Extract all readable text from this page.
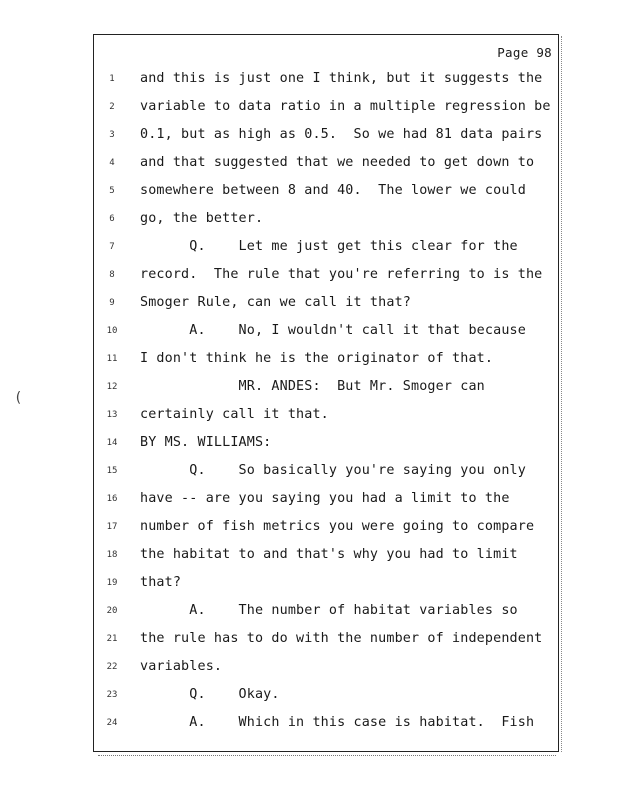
Page 98
1	and this is just one I think, but it suggests the
2	variable to data ratio in a multiple regression be
3	0.1, but as high as 0.5.  So we had 81 data pairs
4	and that suggested that we needed to get down to
5	somewhere between 8 and 40.  The lower we could
6	go, the better.
7	Q.    Let me just get this clear for the
8	record.  The rule that you're referring to is the
9	Smoger Rule, can we call it that?
10	A.    No, I wouldn't call it that because
11	I don't think he is the originator of that.
12	MR. ANDES:  But Mr. Smoger can
13	certainly call it that.
14	BY MS. WILLIAMS:
15	Q.    So basically you're saying you only
16	have -- are you saying you had a limit to the
17	number of fish metrics you were going to compare
18	the habitat to and that's why you had to limit
19	that?
20	A.    The number of habitat variables so
21	the rule has to do with the number of independent
22	variables.
23	Q.    Okay.
24	A.    Which in this case is habitat.  Fish
(
